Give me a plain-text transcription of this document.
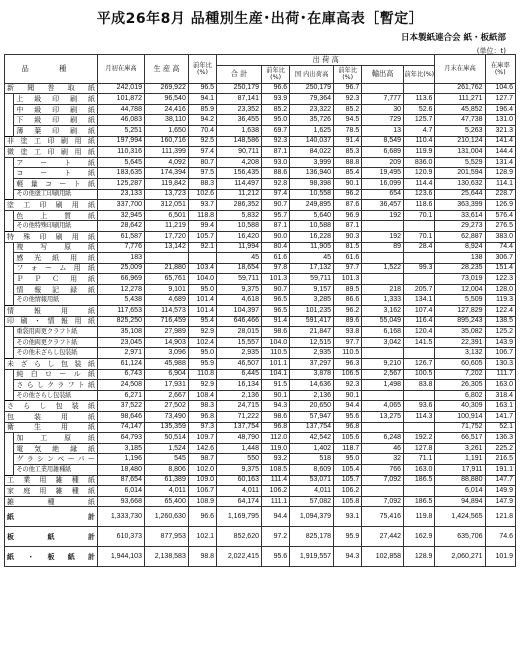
平成26年8月 品種別生産･出荷･在庫高表［暫定］
日本製紙連合会 紙・板紙部
(単位：t)
品 種		月初在庫高	生 産 高	前年比(%)	出 荷 高						月末在庫高	在庫率(%)
					合 計	前年比(%)	国 内出荷高	前年比(%)	輸出高	前年比(%)		

新 聞 巻 取 紙		242,019	269,922	96.5	250,179	96.6	250,179	96.7			261,762	104.6
	上 級 印 刷 紙	101,872	96,540	94.1	87,141	93.9	79,364	92.3	7,777	113.6	111,271	127.7
	中 級 印 刷 紙	44,788	24,416	85.9	23,352	85.2	23,322	85.2	30	52.6	45,852	196.4
	下 級 印 刷 紙	46,083	38,110	94.2	36,455	95.0	35,726	94.5	729	125.7	47,738	131.0
	薄 葉 印 刷 紙	5,251	1,650	70.4	1,638	69.7	1,625	78.5	13	4.7	5,263	321.3
非塗工印刷用紙		197,994	160,716	92.5	148,586	92.3	140,037	91.4	8,549	110.4	210,124	141.4
微塗工印刷用紙		110,316	111,399	97.4	90,711	87.1	84,022	85.3	6,689	119.9	131,004	144.4
	ア ー ト 紙	5,645	4,092	80.7	4,208	93.0	3,999	88.8	209	836.0	5,529	131.4
	コ ー ト 紙	183,635	174,394	97.5	156,435	88.6	136,940	85.4	19,495	120.9	201,594	128.9
	軽 量 コ ー ト 紙	125,287	119,842	88.3	114,497	92.8	98,398	90.1	16,099	114.4	130,632	114.1
	その他塗工印刷用紙	23,133	13,723	102.6	11,212	97.4	10,558	96.2	654	123.6	25,644	228.7
塗 工 印 刷 用 紙		337,700	312,051	93.7	286,352	90.7	249,895	87.6	36,457	118.6	363,399	126.9
	色 上 質 紙	32,945	6,501	118.8	5,832	95.7	5,640	96.9	192	70.1	33,614	576.4
	その他特殊印刷用紙	28,642	11,219	99.4	10,588	87.1	10,588	87.1			29,273	276.5
特 殊 印 刷 用 紙		61,587	17,720	105.7	16,420	90.0	16,228	90.3	192	70.1	62,887	383.0
	複 写 原 紙	7,776	13,142	92.1	11,994	80.4	11,905	81.5	89	28.4	8,924	74.4
	感 光 紙 用 紙	183			45	61.6	45	61.6			138	306.7
	フ ォ ー ム 用 紙	25,009	21,880	103.4	18,654	97.8	17,132	97.7	1,522	99.3	28,235	151.4
	Ｐ Ｐ Ｃ 用 紙	66,969	65,761	104.0	59,711	101.3	59,711	101.3			73,019	122.3
	情 報 記 録 紙	12,278	9,101	95.0	9,375	90.7	9,157	89.5	218	205.7	12,004	128.0
	その他情報用紙	5,438	4,689	101.4	4,618	96.5	3,285	86.6	1,333	134.1	5,509	119.3
情 報 用 紙		117,653	114,573	101.4	104,397	96.5	101,235	96.2	3,162	107.4	127,829	122.4
印刷・情報用紙		825,250	716,459	95.4	646,466	91.4	591,417	89.6	55,049	116.4	895,243	138.5
	重袋用両更クラフト紙	35,108	27,989	92.9	28,015	98.6	21,847	93.8	6,168	120.4	35,082	125.2
	その他両更クラフト紙	23,045	14,903	102.4	15,557	104.0	12,515	97.7	3,042	141.5	22,391	143.9
	その他未ざらし包装紙	2,971	3,096	95.0	2,935	110.5	2,935	110.5			3,132	106.7
未ざらし包装紙		61,124	45,988	95.9	46,507	101.1	37,297	96.3	9,210	126.7	60,605	130.3
	純 白 ロ ー ル 紙	6,743	6,904	110.8	6,445	104.1	3,878	106.5	2,567	100.5	7,202	111.7
	さらしクラフト紙	24,508	17,931	92.9	16,134	91.5	14,636	92.3	1,498	83.8	26,305	163.0
	その他さらし包装紙	6,271	2,667	108.4	2,136	90.1	2,136	90.1			6,802	318.4
さらし包装紙		37,522	27,502	98.3	24,715	94.3	20,650	94.4	4,065	93.6	40,309	163.1
包 装 用 紙		98,646	73,490	96.8	71,222	98.6	57,947	95.6	13,275	114.3	100,914	141.7
衛 生 用 紙		74,147	135,359	97.3	137,754	96.8	137,754	96.8			71,752	52.1
	加 工 原 紙	64,793	50,514	109.7	48,790	112.0	42,542	105.6	6,248	192.2	66,517	136.3
	電 気 絶 縁 紙	3,185	1,524	142.6	1,448	119.0	1,402	118.7	46	127.8	3,261	225.2
	グラシンペーパー	1,196	545	98.7	550	93.2	518	95.0	32	71.1	1,191	216.5
	その他工業用雑種紙	18,480	8,806	102.0	9,375	108.5	8,609	105.4	766	163.0	17,911	191.1
工 業 用 雑 種 紙		87,654	61,389	109.0	60,163	111.4	53,071	105.7	7,092	186.5	88,880	147.7
家 庭 用 雑 種 紙		6,014	4,011	106.7	4,011	106.2	4,011	106.2			6,014	149.9
雑 種 紙		93,668	65,400	108.9	64,174	111.1	57,082	105.8	7,092	186.5	94,894	147.9
紙 計		1,333,730	1,260,630	96.6	1,169,795	94.4	1,094,379	93.1	75,416	119.8	1,424,565	121.8
板 紙 計		610,373	877,953	102.1	852,620	97.2	825,178	95.9	27,442	162.9	635,706	74.6
紙 ・ 板 紙 計		1,944,103	2,138,583	98.8	2,022,415	95.6	1,919,557	94.3	102,858	128.9	2,060,271	101.9
